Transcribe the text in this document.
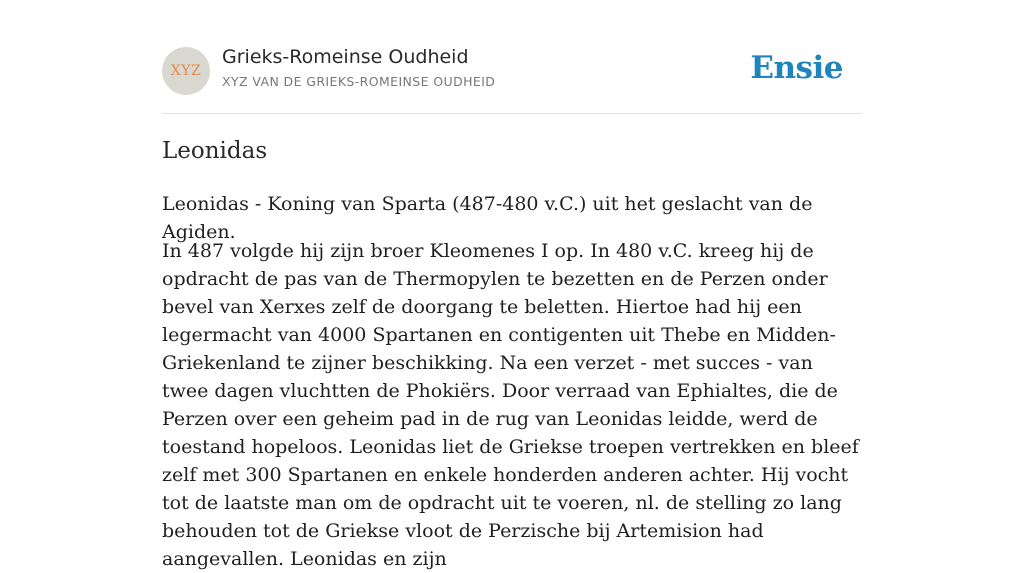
XYZ
Grieks-Romeinse Oudheid
XYZ VAN DE GRIEKS-ROMEINSE OUDHEID	Ensie
Leonidas

Leonidas - Koning van Sparta (487-480 v.C.) uit het geslacht van de Agiden.

In 487 volgde hij zijn broer Kleomenes I op. In 480 v.C. kreeg hij de opdracht de pas van de Thermopylen te bezetten en de Perzen onder bevel van Xerxes zelf de doorgang te beletten. Hiertoe had hij een legermacht van 4000 Spartanen en contigenten uit Thebe en Midden-Griekenland te zijner beschikking. Na een verzet - met succes - van twee dagen vluchtten de Phokiërs. Door verraad van Ephialtes, die de Perzen over een geheim pad in de rug van Leonidas leidde, werd de toestand hopeloos. Leonidas liet de Griekse troepen vertrekken en bleef zelf met 300 Spartanen en enkele honderden anderen achter. Hij vocht tot de laatste man om de opdracht uit te voeren, nl. de stelling zo lang behouden tot de Griekse vloot de Perzische bij Artemision had aangevallen. Leonidas en zijn
